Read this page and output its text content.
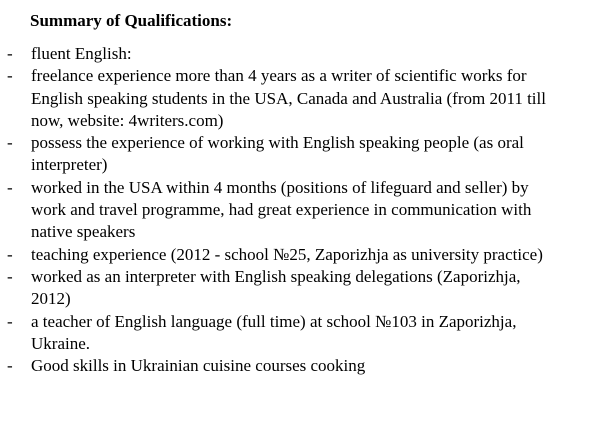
Summary of Qualifications:
- fluent English:
- freelance experience more than 4 years as a writer of scientific works for
English speaking students in the USA, Canada and Australia (from 2011 till
now, website: 4writers.com)
- possess the experience of working with English speaking people (as oral
interpreter)
- worked in the USA within 4 months (positions of lifeguard and seller) by
work and travel programme, had great experience in communication with
native speakers
- teaching experience (2012 - school №25, Zaporizhja as university practice)
- worked as an interpreter with English speaking delegations (Zaporizhja,
2012)
- a teacher of English language (full time) at school №103 in Zaporizhja,
Ukraine.
- Good skills in Ukrainian cuisine courses cooking
